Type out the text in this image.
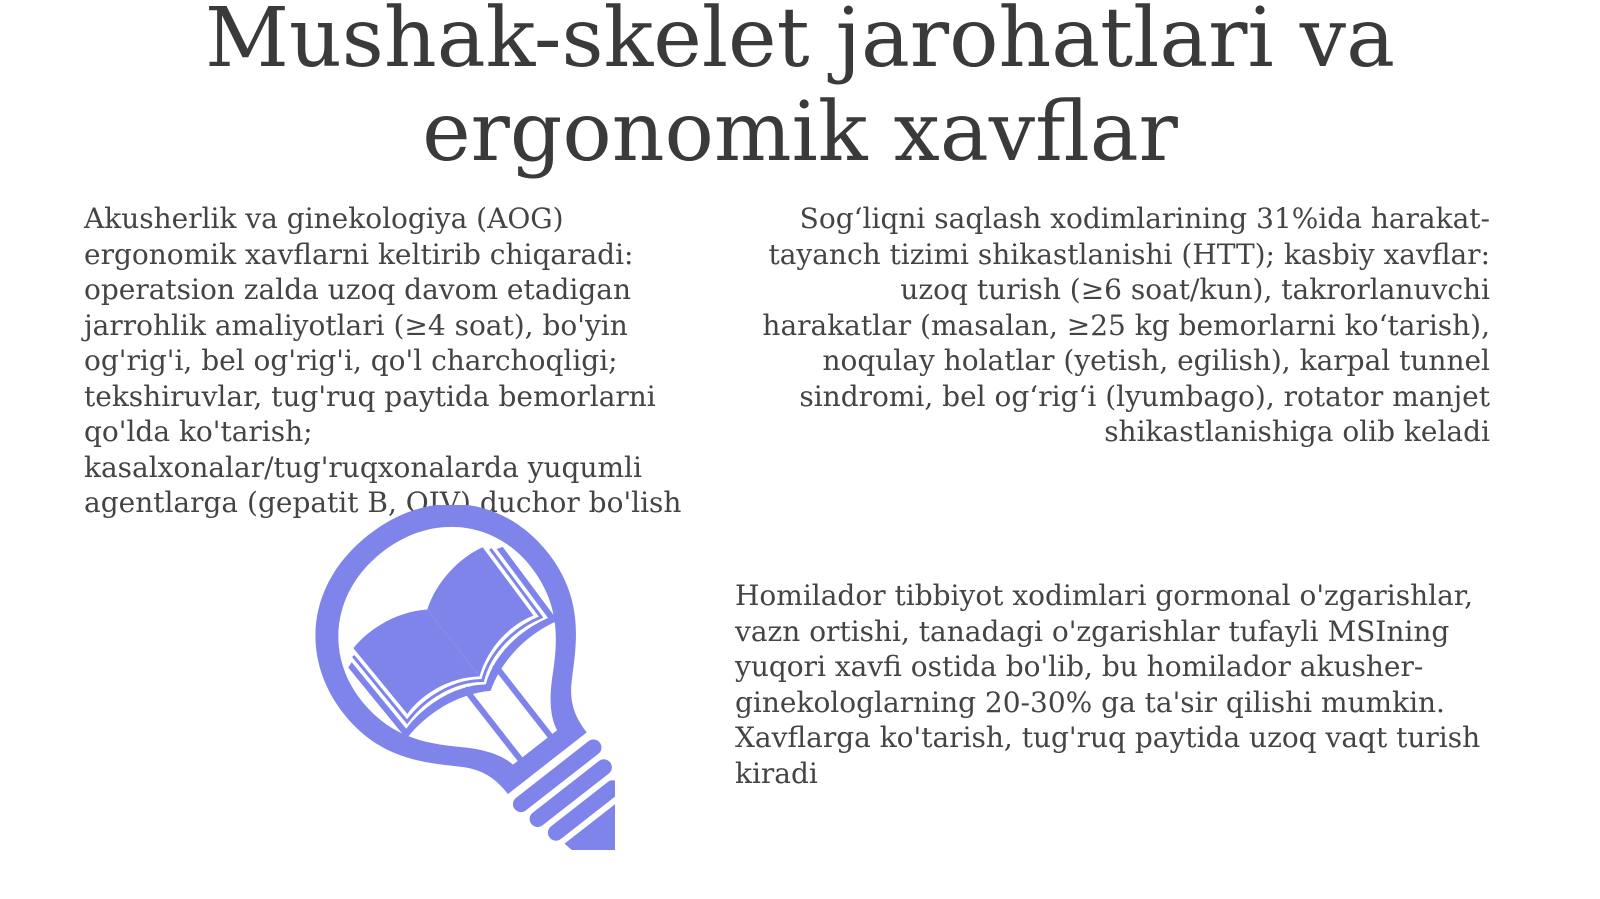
Mushak-skelet jarohatlari va
ergonomik xavflar
Akusherlik va ginekologiya (AOG)
ergonomik xavflarni keltirib chiqaradi:
operatsion zalda uzoq davom etadigan
jarrohlik amaliyotlari (≥4 soat), bo'yin
og'rig'i, bel og'rig'i, qo'l charchoqligi;
tekshiruvlar, tug'ruq paytida bemorlarni
qo'lda ko'tarish;
kasalxonalar/tug'ruqxonalarda yuqumli
agentlarga (gepatit B, OIV) duchor bo'lish
Sog‘liqni saqlash xodimlarining 31%ida harakat-
tayanch tizimi shikastlanishi (HTT); kasbiy xavflar:
uzoq turish (≥6 soat/kun), takrorlanuvchi
harakatlar (masalan, ≥25 kg bemorlarni ko‘tarish),
noqulay holatlar (yetish, egilish), karpal tunnel
sindromi, bel og‘rig‘i (lyumbago), rotator manjet
shikastlanishiga olib keladi
Homilador tibbiyot xodimlari gormonal o'zgarishlar,
vazn ortishi, tanadagi o'zgarishlar tufayli MSIning
yuqori xavfi ostida bo'lib, bu homilador akusher-
ginekologlarning 20-30% ga ta'sir qilishi mumkin.
Xavflarga ko'tarish, tug'ruq paytida uzoq vaqt turish
kiradi
